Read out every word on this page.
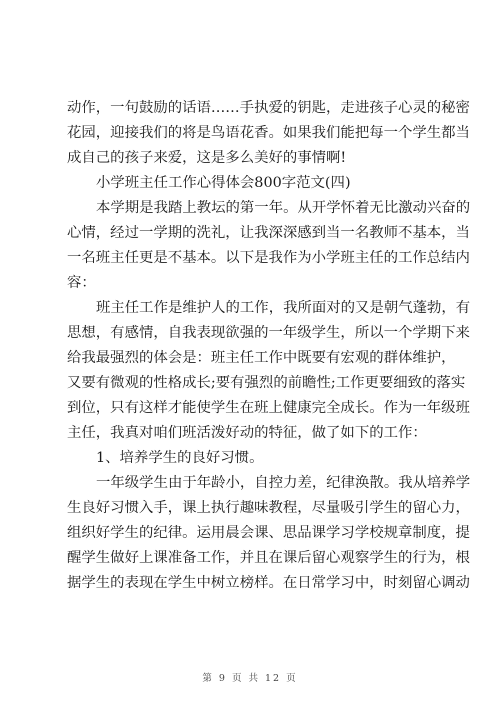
动作，一句鼓励的话语……手执爱的钥匙，走进孩子心灵的秘密
花园，迎接我们的将是鸟语花香。如果我们能把每一个学生都当
成自己的孩子来爱，这是多么美好的事情啊!
小学班主任工作心得体会800字范文(四)
本学期是我踏上教坛的第一年。从开学怀着无比激动兴奋的
心情，经过一学期的洗礼，让我深深感到当一名教师不基本，当
一名班主任更是不基本。以下是我作为小学班主任的工作总结内
容：
班主任工作是维护人的工作，我所面对的又是朝气蓬勃，有
思想，有感情，自我表现欲强的一年级学生，所以一个学期下来
给我最强烈的体会是：班主任工作中既要有宏观的群体维护，
又要有微观的性格成长;要有强烈的前瞻性;工作更要细致的落实
到位，只有这样才能使学生在班上健康完全成长。作为一年级班
主任，我真对咱们班活泼好动的特征，做了如下的工作：
1、培养学生的良好习惯。
一年级学生由于年龄小，自控力差，纪律涣散。我从培养学
生良好习惯入手，课上执行趣味教程，尽量吸引学生的留心力，
组织好学生的纪律。运用晨会课、思品课学习学校规章制度，提
醒学生做好上课准备工作，并且在课后留心观察学生的行为，根
据学生的表现在学生中树立榜样。在日常学习中，时刻留心调动
第 9 页 共 12 页
